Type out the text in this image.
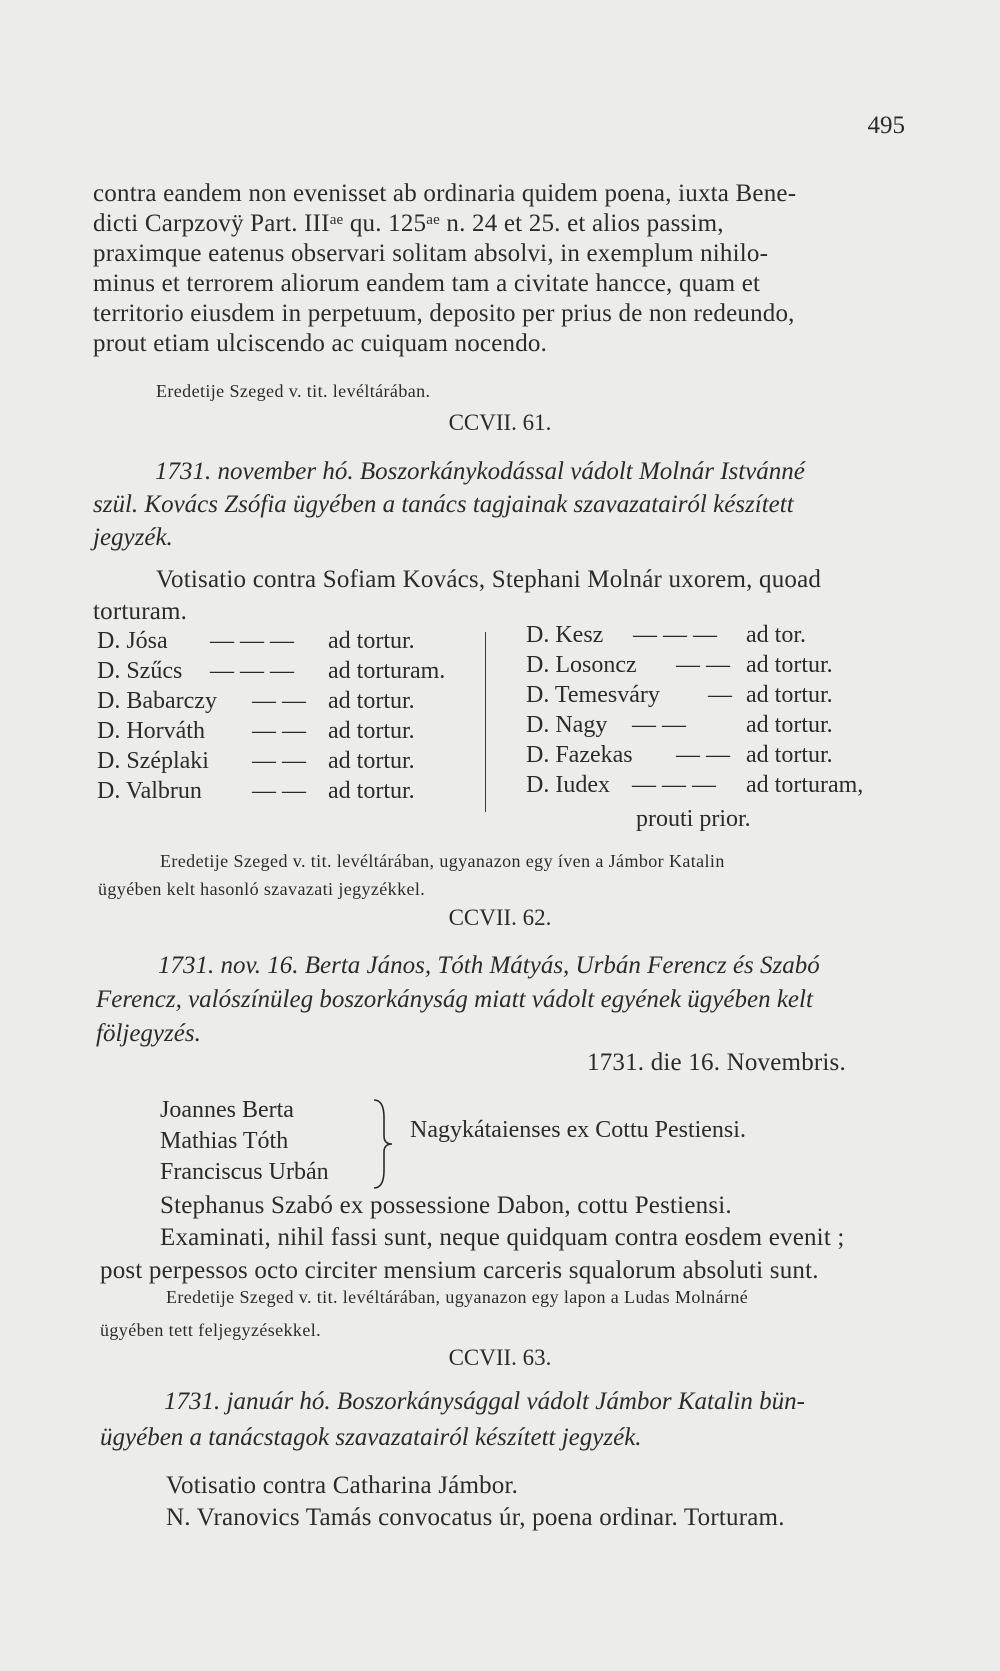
495
contra eandem non evenisset ab ordinaria quidem poena, iuxta Bene-
dicti Carpzovÿ Part. $III^{ae}$ qu. $125^{ae}$ n. 24 et 25. et alios passim,
praximque eatenus observari solitam absolvi, in exemplum nihilo-
minus et terrorem aliorum eandem tam a civitate hancce, quam et
territorio eiusdem in perpetuum, deposito per prius de non redeundo,
prout etiam ulciscendo ac cuiquam nocendo.
Eredetije Szeged v. tit. levéltárában.
CCVII. 61.
1731. november hó. Boszorkánykodással vádolt Molnár Istvánné
szül. Kovács Zsófia ügyében a tanács tagjainak szavazatairól készített
jegyzék.
Votisatio contra Sofiam Kovács, Stephani Molnár uxorem, quoad
torturam.
D. Jósa — — — ad tortur.
D. Szűcs — — — ad torturam.
D. Babarczy — — ad tortur.
D. Horváth — — ad tortur.
D. Széplaki — — ad tortur.
D. Valbrun — — ad tortur.
D. Kesz — — — ad tor.
D. Losoncz — — ad tortur.
D. Temesváry — ad tortur.
D. Nagy — —	ad tortur.
D. Fazekas — — ad tortur.
D. Iudex — — — ad torturam,
prouti prior.
Eredetije Szeged v. tit. levéltárában, ugyanazon egy íven a Jámbor Katalin
ügyében kelt hasonló szavazati jegyzékkel.
CCVII. 62.
1731. nov. 16. Berta János, Tóth Mátyás, Urbán Ferencz és Szabó
Ferencz, valószínüleg boszorkányság miatt vádolt egyének ügyében kelt
följegyzés.
1731. die 16. Novembris.
Joannes Berta
Mathias Tóth
Franciscus Urbán
Nagykátaienses ex Cottu Pestiensi.
Stephanus Szabó ex possessione Dabon, cottu Pestiensi.
Examinati, nihil fassi sunt, neque quidquam contra eosdem evenit ;
post perpessos octo circiter mensium carceris squalorum absoluti sunt.
Eredetije Szeged v. tit. levéltárában, ugyanazon egy lapon a Ludas Molnárné
ügyében tett feljegyzésekkel.
CCVII. 63.
1731. január hó. Boszorkánysággal vádolt Jámbor Katalin bün-
ügyében a tanácstagok szavazatairól készített jegyzék.
Votisatio contra Catharina Jámbor.
N. Vranovics Tamás convocatus úr, poena ordinar. Torturam.
